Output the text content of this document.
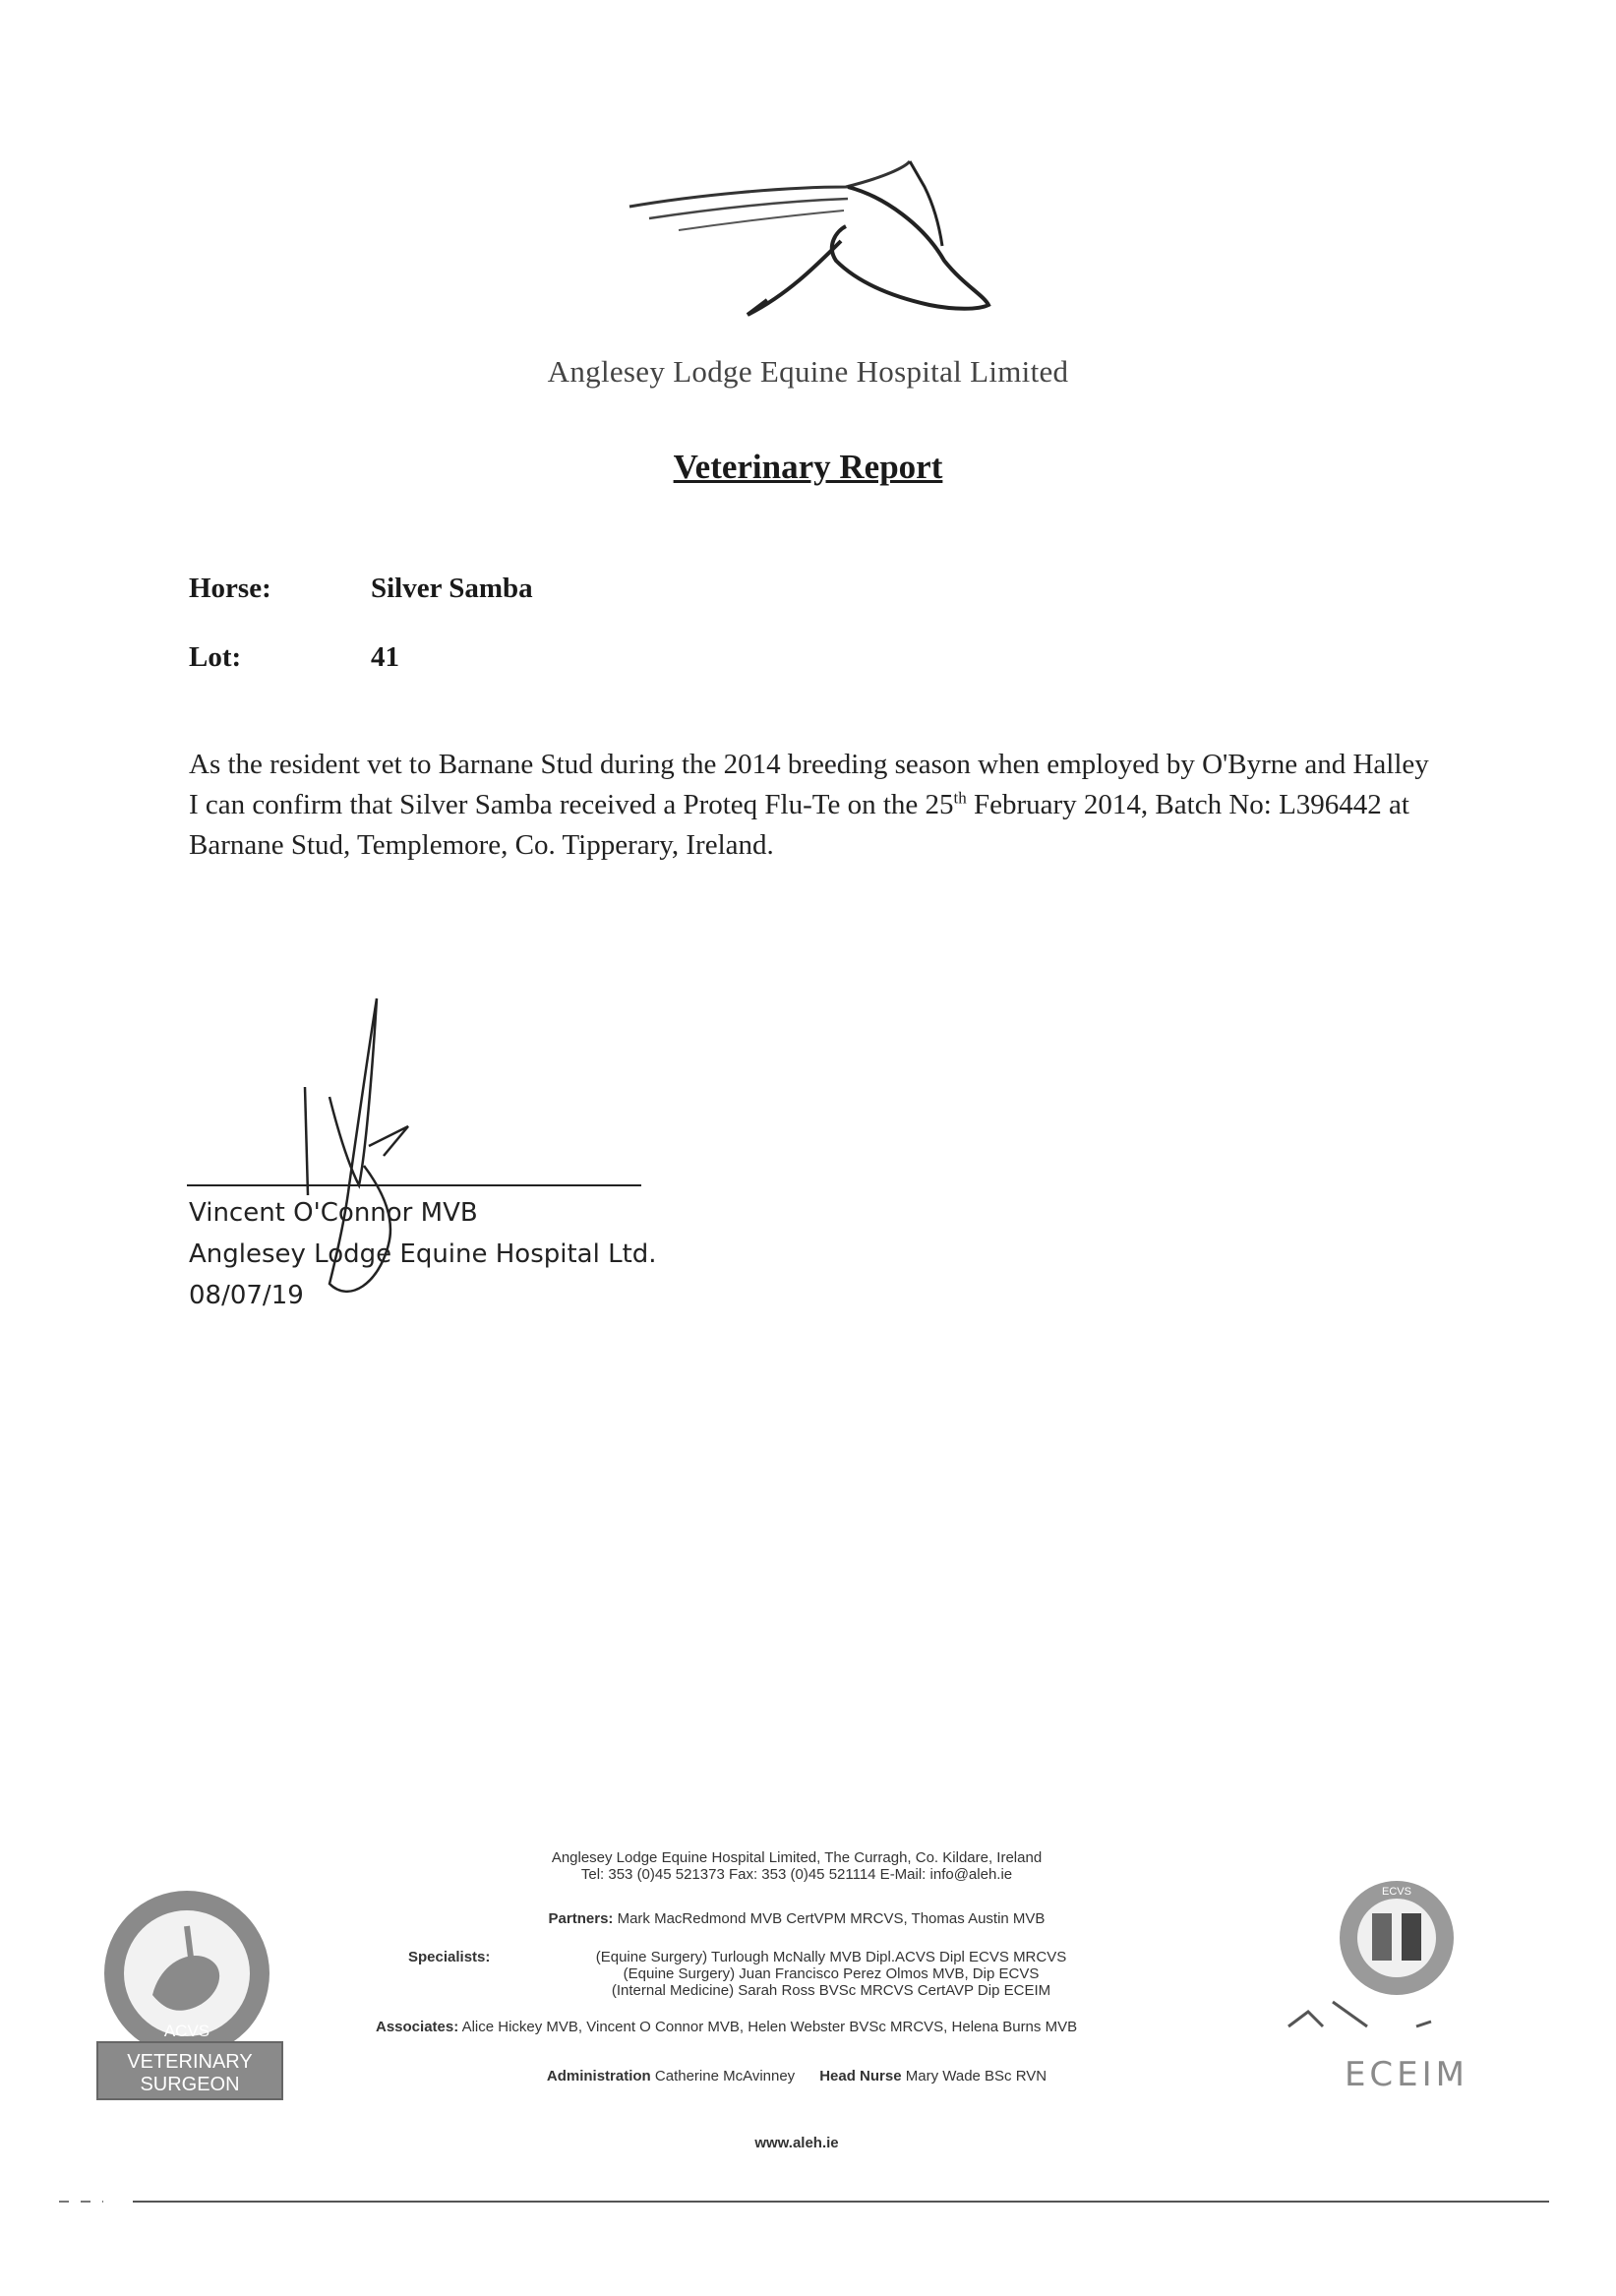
Anglesey Lodge Equine Hospital Limited
Veterinary Report
Horse:	Silver Samba
Lot:	41

As the resident vet to Barnane Stud during the 2014 breeding season when employed by O'Byrne and Halley I can confirm that Silver Samba received a Proteq Flu-Te on the 25th February 2014, Batch No: L396442 at Barnane Stud, Templemore, Co. Tipperary, Ireland.

Vincent O'Connor MVB
Anglesey Lodge Equine Hospital Ltd.
08/07/19
ACVS
VETERINARY
SURGEON
ECVS
ECEIM

Anglesey Lodge Equine Hospital Limited, The Curragh, Co. Kildare, Ireland

Tel: 353 (0)45 521373 Fax: 353 (0)45 521114 E-Mail: info@aleh.ie

Partners: Mark MacRedmond MVB CertVPM MRCVS, Thomas Austin MVB
Specialists:	(Equine Surgery) Turlough McNally MVB Dipl.ACVS Dipl ECVS MRCVS

(Equine Surgery) Juan Francisco Perez Olmos MVB, Dip ECVS

(Internal Medicine) Sarah Ross BVSc MRCVS CertAVP Dip ECEIM

Associates: Alice Hickey MVB, Vincent O Connor MVB, Helen Webster BVSc MRCVS, Helena Burns MVB
Administration Catherine McAvinney Head Nurse Mary Wade BSc RVN
www.aleh.ie
